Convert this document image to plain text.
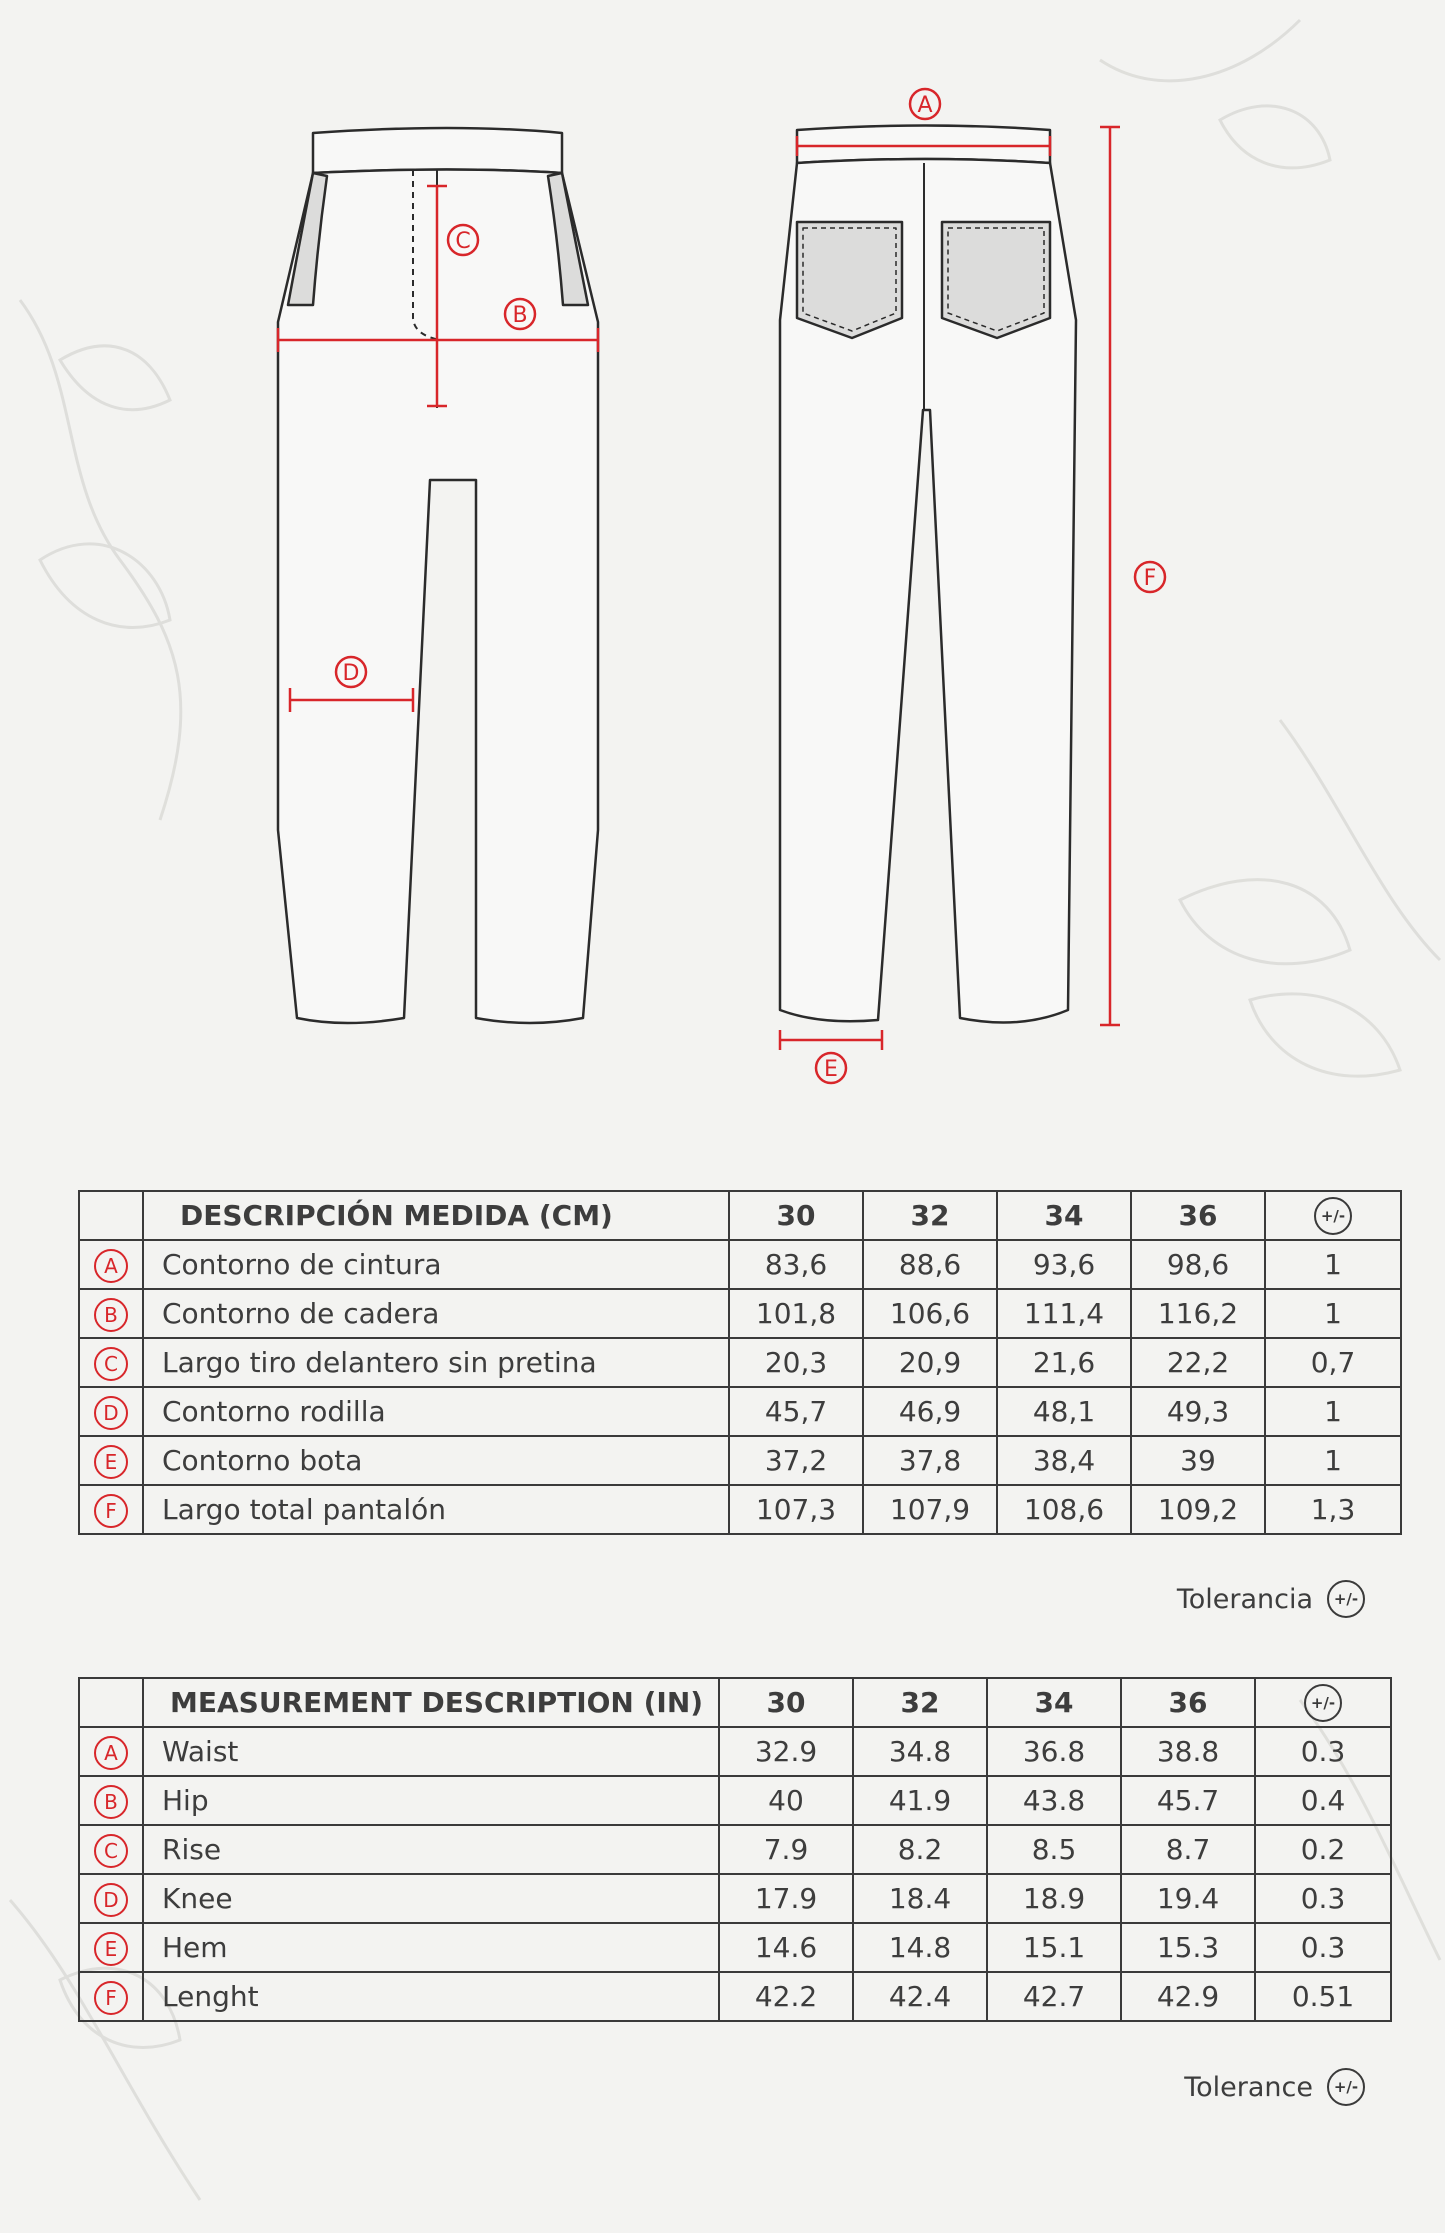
A
B
C
D
E
F
	DESCRIPCIÓN MEDIDA (CM)	30	32	34	36	+/-
A	Contorno de cintura	83,6	88,6	93,6	98,6	1
B	Contorno de cadera	101,8	106,6	111,4	116,2	1
C	Largo tiro delantero sin pretina	20,3	20,9	21,6	22,2	0,7
D	Contorno rodilla	45,7	46,9	48,1	49,3	1
E	Contorno bota	37,2	37,8	38,4	39	1
F	Largo total pantalón	107,3	107,9	108,6	109,2	1,3
Tolerancia	+/-
	MEASUREMENT DESCRIPTION (IN)	30	32	34	36	+/-
A	Waist	32.9	34.8	36.8	38.8	0.3
B	Hip	40	41.9	43.8	45.7	0.4
C	Rise	7.9	8.2	8.5	8.7	0.2
D	Knee	17.9	18.4	18.9	19.4	0.3
E	Hem	14.6	14.8	15.1	15.3	0.3
F	Lenght	42.2	42.4	42.7	42.9	0.51
Tolerance	+/-
